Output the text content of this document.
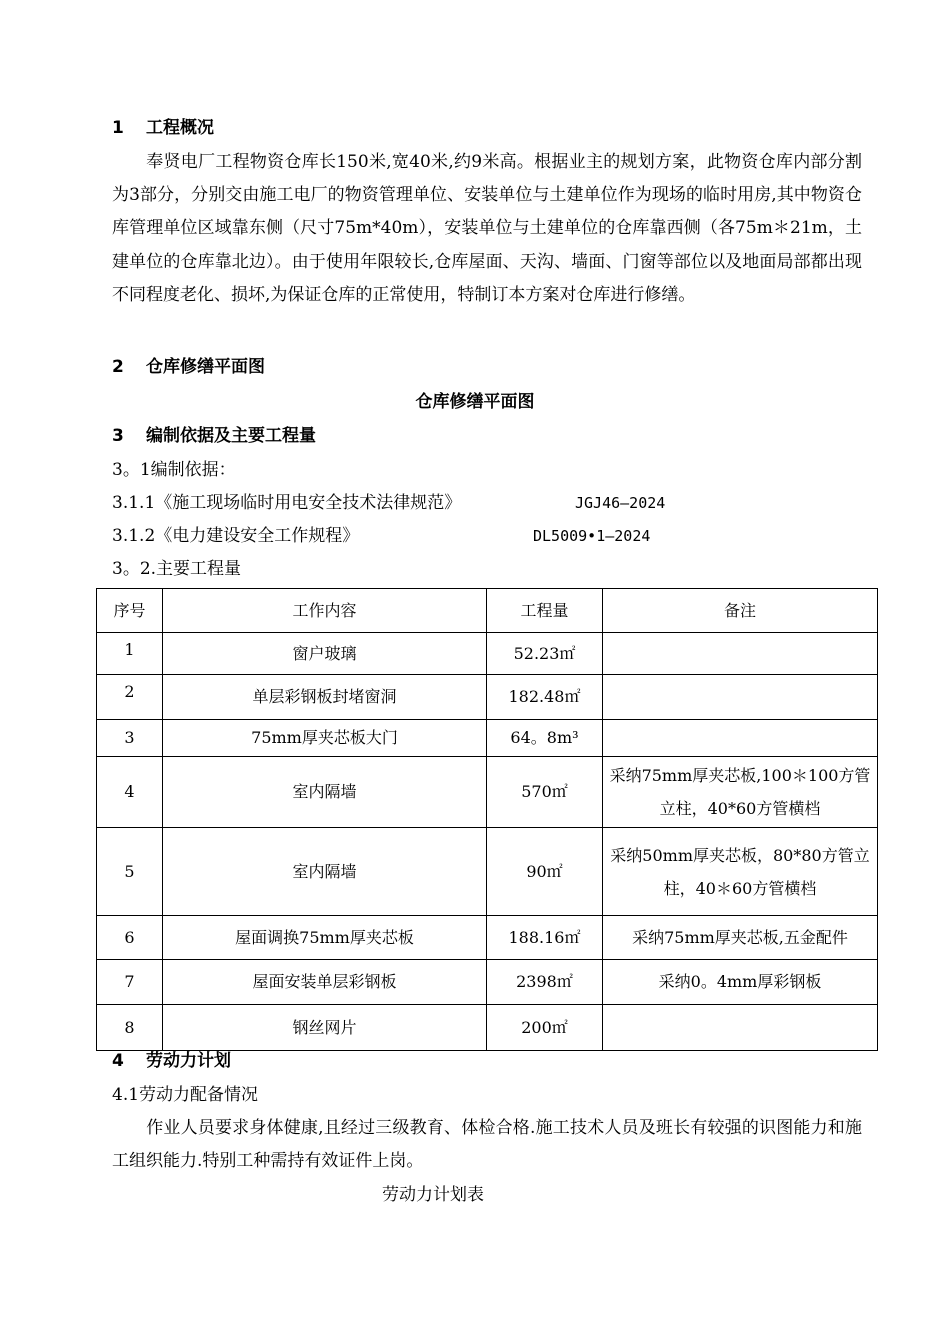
1 工程概况
奉贤电厂工程物资仓库长150米,宽40米,约9米高。根据业主的规划方案，此物资仓库内部分割为3部分，分别交由施工电厂的物资管理单位、安装单位与土建单位作为现场的临时用房,其中物资仓库管理单位区域靠东侧（尺寸75m*40m），安装单位与土建单位的仓库靠西侧（各75m＊21m，土建单位的仓库靠北边）。由于使用年限较长,仓库屋面、天沟、墙面、门窗等部位以及地面局部都出现不同程度老化、损坏,为保证仓库的正常使用，特制订本方案对仓库进行修缮。
2 仓库修缮平面图
仓库修缮平面图
3 编制依据及主要工程量
3。1编制依据：
3.1.1《施工现场临时用电安全技术法律规范》	JGJ46—2024
3.1.2《电力建设安全工作规程》	DL5009•1—2024
3。2.主要工程量
序号	工作内容	工程量	备注
1	窗户玻璃	52.23㎡	
2	单层彩钢板封堵窗洞	182.48㎡	
3	75mm厚夹芯板大门	64。8m³	
4	室内隔墙	570㎡	采纳75mm厚夹芯板,100＊100方管立柱，40*60方管横档
5	室内隔墙	90㎡	采纳50mm厚夹芯板，80*80方管立柱，40＊60方管横档
6	屋面调换75mm厚夹芯板	188.16㎡	采纳75mm厚夹芯板,五金配件
7	屋面安装单层彩钢板	2398㎡	采纳0。4mm厚彩钢板
8	钢丝网片	200㎡	
4 劳动力计划
4.1劳动力配备情况
作业人员要求身体健康,且经过三级教育、体检合格.施工技术人员及班长有较强的识图能力和施工组织能力.特别工种需持有效证件上岗。
劳动力计划表
